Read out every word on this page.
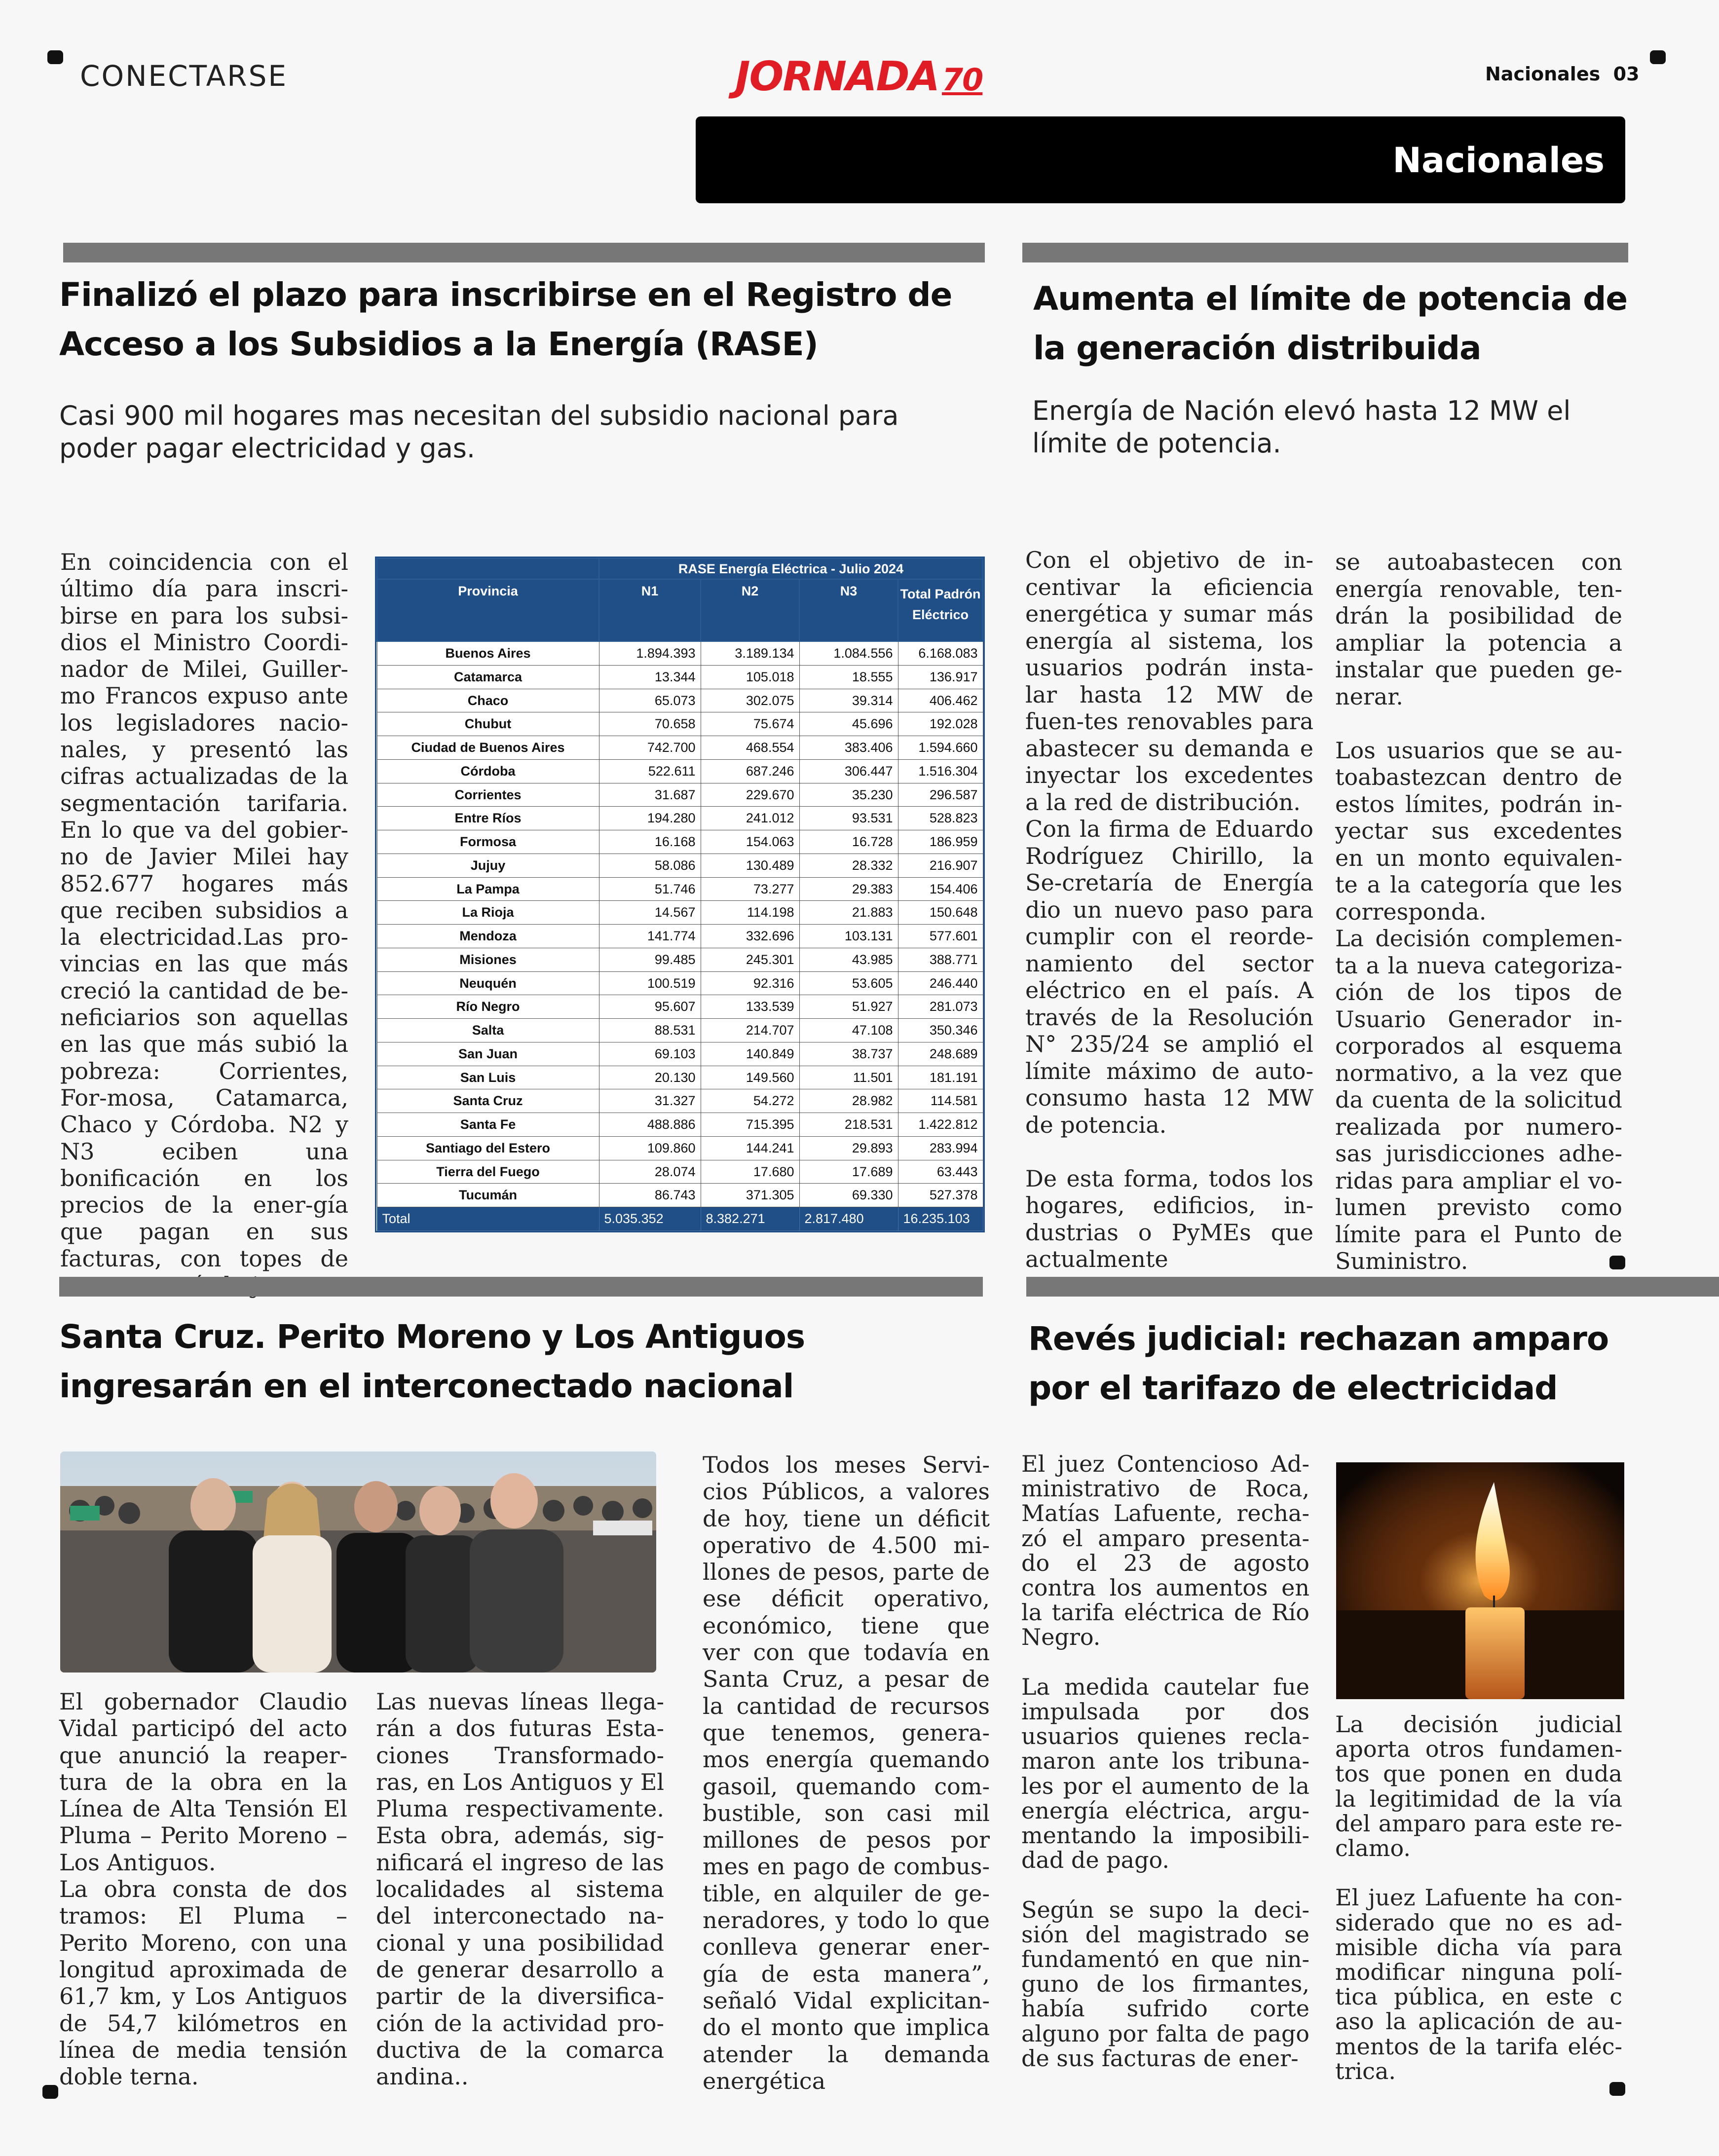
CONECTARSE	JORNADA70	Nacionales  03
Nacionales
Finalizó el plazo para inscribirse en el Registro de Acceso a los Subsidios a la Energía (RASE)
Casi 900 mil hogares mas necesitan del subsidio nacional para poder pagar electricidad y gas.
En coincidencia con el último día para inscri-birse en para los subsi-dios el Ministro Coordi-nador de Milei, Guiller-mo Francos expuso ante los legisladores nacio-nales, y presentó las cifras actualizadas de la segmentación tarifaria. En lo que va del gobier-no de Javier Milei hay 852.677 hogares más que reciben subsidios a la electricidad.Las pro-vincias en las que más creció la cantidad de be-neficiarios son aquellas en las que más subió la pobreza: Corrientes, For-mosa, Catamarca, Chaco y Córdoba. N2 y N3 eciben una bonificación en los precios de la ener-gía que pagan en sus facturas, con topes de
	RASE Energía Eléctrica - Julio 2024			
Provincia	N1	N2	N3	Total Padrón Eléctrico
Buenos Aires	1.894.393	3.189.134	1.084.556	6.168.083
Catamarca	13.344	105.018	18.555	136.917
Chaco	65.073	302.075	39.314	406.462
Chubut	70.658	75.674	45.696	192.028
Ciudad de Buenos Aires	742.700	468.554	383.406	1.594.660
Córdoba	522.611	687.246	306.447	1.516.304
Corrientes	31.687	229.670	35.230	296.587
Entre Ríos	194.280	241.012	93.531	528.823
Formosa	16.168	154.063	16.728	186.959
Jujuy	58.086	130.489	28.332	216.907
La Pampa	51.746	73.277	29.383	154.406
La Rioja	14.567	114.198	21.883	150.648
Mendoza	141.774	332.696	103.131	577.601
Misiones	99.485	245.301	43.985	388.771
Neuquén	100.519	92.316	53.605	246.440
Río Negro	95.607	133.539	51.927	281.073
Salta	88.531	214.707	47.108	350.346
San Juan	69.103	140.849	38.737	248.689
San Luis	20.130	149.560	11.501	181.191
Santa Cruz	31.327	54.272	28.982	114.581
Santa Fe	488.886	715.395	218.531	1.422.812
Santiago del Estero	109.860	144.241	29.893	283.994
Tierra del Fuego	28.074	17.680	17.689	63.443
Tucumán	86.743	371.305	69.330	527.378
Total	5.035.352	8.382.271	2.817.480	16.235.103
Aumenta el límite de potencia de la generación distribuida
Energía de Nación elevó hasta 12 MW el límite de potencia.
Con el objetivo de in-centivar la eficiencia energética y sumar más energía al sistema, los usuarios podrán insta-lar hasta 12 MW de fuen-tes renovables para abastecer su demanda e inyectar los excedentes a la red de distribución.
Con la firma de Eduardo Rodríguez Chirillo, la Se-cretaría de Energía dio un nuevo paso para cumplir con el reorde-namiento del sector eléctrico en el país. A través de la Resolución N° 235/24 se amplió el límite máximo de auto-consumo hasta 12 MW de potencia.

De esta forma, todos los hogares, edificios, in-dustrias o PyMEs que actualmente
se autoabastecen con energía renovable, ten-drán la posibilidad de ampliar la potencia a instalar que pueden ge-nerar.

Los usuarios que se au-toabastezcan dentro de estos límites, podrán in-yectar sus excedentes en un monto equivalen-te a la categoría que les corresponda.
La decisión complemen-ta a la nueva categoriza-ción de los tipos de Usuario Generador in-corporados al esquema normativo, a la vez que da cuenta de la solicitud realizada por numero-sas jurisdicciones adhe-ridas para ampliar el vo-lumen previsto como límite para el Punto de Suministro.
Santa Cruz. Perito Moreno y Los Antiguos ingresarán en el interconectado nacional
El gobernador Claudio Vidal participó del acto que anunció la reaper-tura de la obra en la Línea de Alta Tensión El Pluma – Perito Moreno – Los Antiguos.
La obra consta de dos tramos: El Pluma – Perito Moreno, con una longitud aproximada de 61,7 km, y Los Antiguos de 54,7 kilómetros en línea de media tensión doble terna.
Las nuevas líneas llega-rán a dos futuras Esta-ciones Transformado-ras, en Los Antiguos y El Pluma respectivamente. Esta obra, además, sig-nificará el ingreso de las localidades al sistema del interconectado na-cional y una posibilidad de generar desarrollo a partir de la diversifica-ción de la actividad pro-ductiva de la comarca andina..
Todos los meses Servi-cios Públicos, a valores de hoy, tiene un déficit operativo de 4.500 mi-llones de pesos, parte de ese déficit operativo, económico, tiene que ver con que todavía en Santa Cruz, a pesar de la cantidad de recursos que tenemos, genera-mos energía quemando gasoil, quemando com-bustible, son casi mil millones de pesos por mes en pago de combus-tible, en alquiler de ge-neradores, y todo lo que conlleva generar ener-gía de esta manera”, señaló Vidal explicitan-do el monto que implica atender la demanda energética
Revés judicial: rechazan amparo por el tarifazo de electricidad
El juez Contencioso Ad-ministrativo de Roca, Matías Lafuente, recha-zó el amparo presenta-do el 23 de agosto contra los aumentos en la tarifa eléctrica de Río Negro.

La medida cautelar fue impulsada por dos usuarios quienes recla-maron ante los tribuna-les por el aumento de la energía eléctrica, argu-mentando la imposibili-dad de pago.

Según se supo la deci-sión del magistrado se fundamentó en que nin-guno de los firmantes, había sufrido corte alguno por falta de pago de sus facturas de ener-
La decisión judicial aporta otros fundamen-tos que ponen en duda la legitimidad de la vía del amparo para este re-clamo.

El juez Lafuente ha con-siderado que no es ad-misible dicha vía para modificar ninguna polí-tica pública, en este c aso la aplicación de au-mentos de la tarifa eléc-trica.
